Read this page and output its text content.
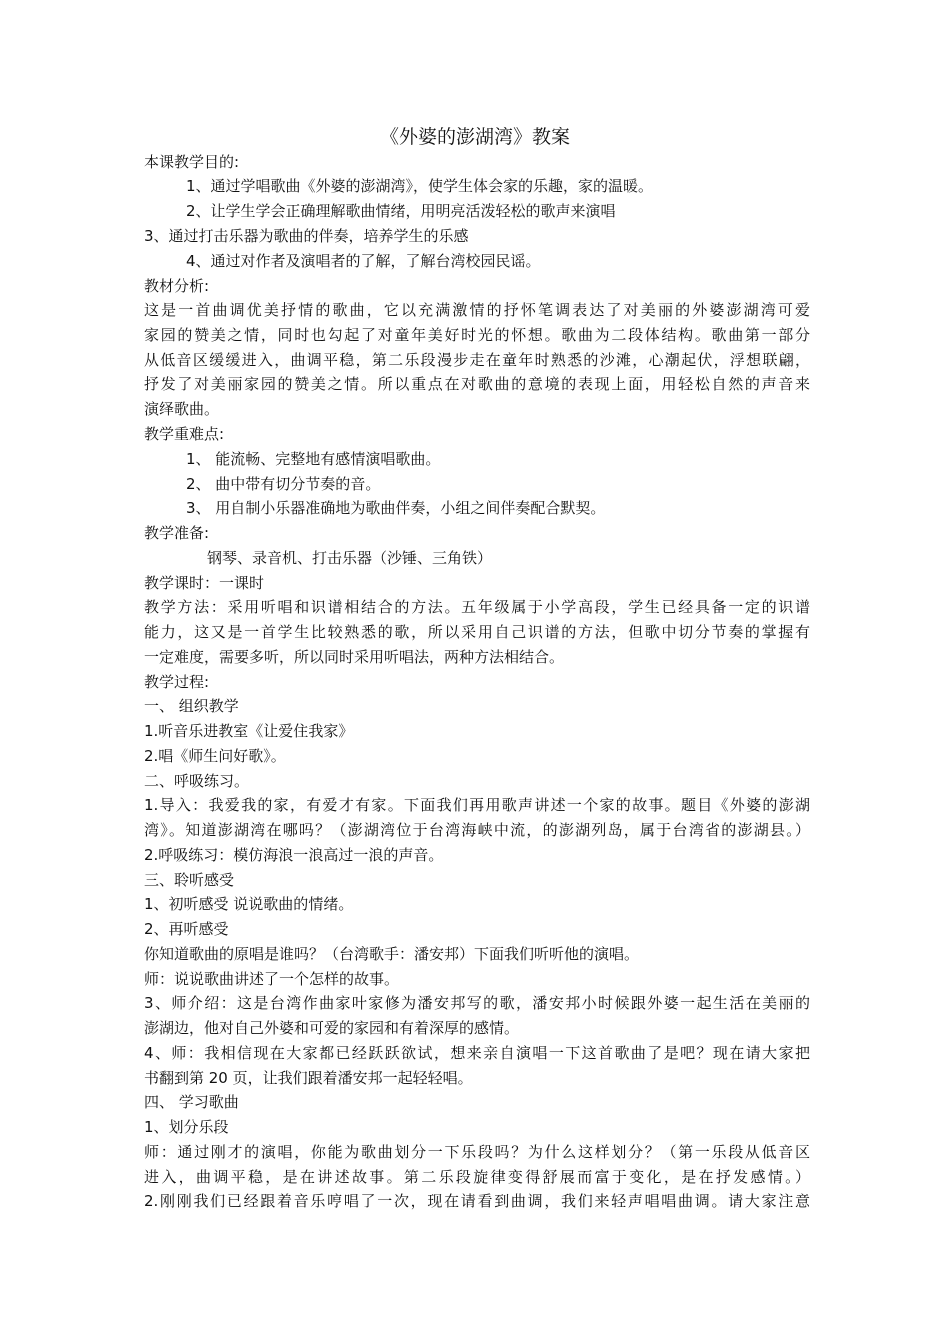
《外婆的澎湖湾》教案
本课教学目的:
1、通过学唱歌曲《外婆的澎湖湾》，使学生体会家的乐趣，家的温暖。
2、让学生学会正确理解歌曲情绪，用明亮活泼轻松的歌声来演唱
3、通过打击乐器为歌曲的伴奏，培养学生的乐感
4、通过对作者及演唱者的了解，了解台湾校园民谣。
教材分析:
这是一首曲调优美抒情的歌曲，它以充满激情的抒怀笔调表达了对美丽的外婆澎湖湾可爱
家园的赞美之情，同时也勾起了对童年美好时光的怀想。歌曲为二段体结构。歌曲第一部分
从低音区缓缓进入，曲调平稳，第二乐段漫步走在童年时熟悉的沙滩，心潮起伏，浮想联翩，
抒发了对美丽家园的赞美之情。所以重点在对歌曲的意境的表现上面，用轻松自然的声音来
演绎歌曲。
教学重难点:
1、 能流畅、完整地有感情演唱歌曲。
2、 曲中带有切分节奏的音。
3、 用自制小乐器准确地为歌曲伴奏，小组之间伴奏配合默契。
教学准备:
钢琴、录音机、打击乐器（沙锤、三角铁）
教学课时：一课时
教学方法：采用听唱和识谱相结合的方法。五年级属于小学高段，学生已经具备一定的识谱
能力，这又是一首学生比较熟悉的歌，所以采用自己识谱的方法，但歌中切分节奏的掌握有
一定难度，需要多听，所以同时采用听唱法，两种方法相结合。
教学过程:
一、 组织教学
1.听音乐进教室《让爱住我家》
2.唱《师生问好歌》。
二、呼吸练习。
1.导入：我爱我的家，有爱才有家。下面我们再用歌声讲述一个家的故事。题目《外婆的澎湖
湾》。知道澎湖湾在哪吗？（澎湖湾位于台湾海峡中流，的澎湖列岛，属于台湾省的澎湖县。）
2.呼吸练习：模仿海浪一浪高过一浪的声音。
三、聆听感受
1、初听感受 说说歌曲的情绪。
2、再听感受
你知道歌曲的原唱是谁吗？（台湾歌手：潘安邦）下面我们听听他的演唱。
师：说说歌曲讲述了一个怎样的故事。
3、师介绍：这是台湾作曲家叶家修为潘安邦写的歌，潘安邦小时候跟外婆一起生活在美丽的
澎湖边，他对自己外婆和可爱的家园和有着深厚的感情。
4、师：我相信现在大家都已经跃跃欲试，想来亲自演唱一下这首歌曲了是吧？现在请大家把
书翻到第 20 页，让我们跟着潘安邦一起轻轻唱。
四、 学习歌曲
1、划分乐段
师：通过刚才的演唱，你能为歌曲划分一下乐段吗？为什么这样划分？（第一乐段从低音区
进入，曲调平稳，是在讲述故事。第二乐段旋律变得舒展而富于变化，是在抒发感情。）
2.刚刚我们已经跟着音乐哼唱了一次，现在请看到曲调，我们来轻声唱唱曲调。请大家注意
